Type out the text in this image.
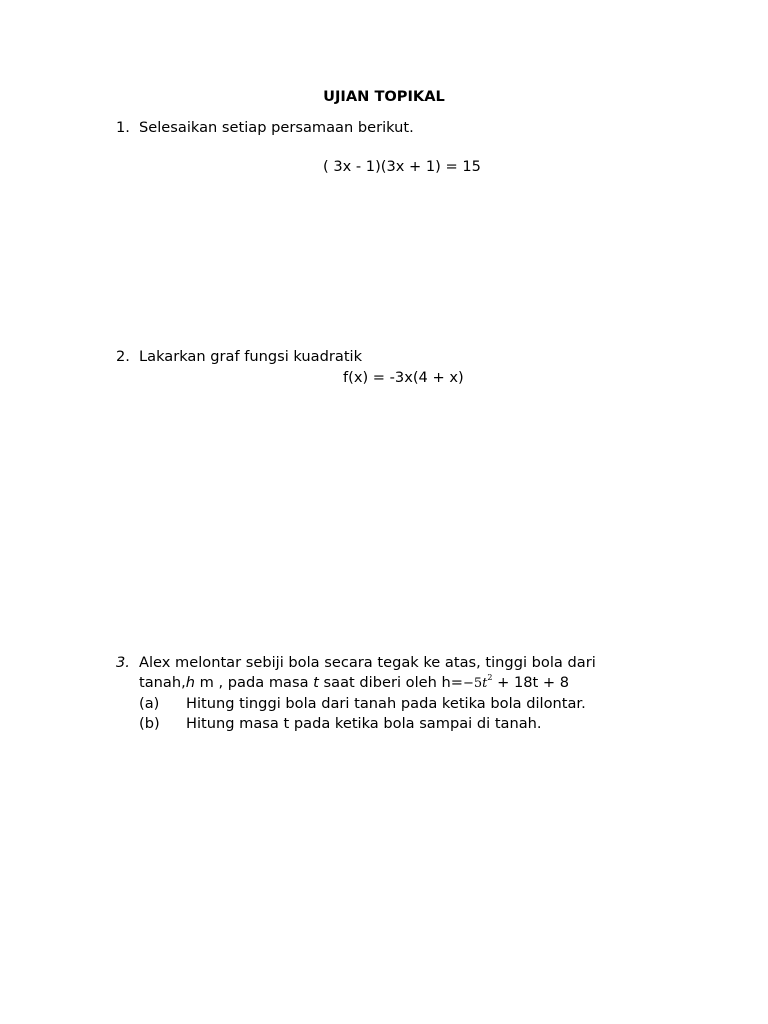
UJIAN TOPIKAL
1. Selesaikan setiap persamaan berikut.
( 3x - 1)(3x + 1) = 15
2. Lakarkan graf fungsi kuadratik
f(x) = -3x(4 + x)
3. Alex melontar sebiji bola secara tegak ke atas, tinggi bola dari
tanah,h m , pada masa t saat diberi oleh $h=-5t^2 + 18t + 8$
(a) Hitung tinggi bola dari tanah pada ketika bola dilontar.
(b) Hitung masa t pada ketika bola sampai di tanah.
